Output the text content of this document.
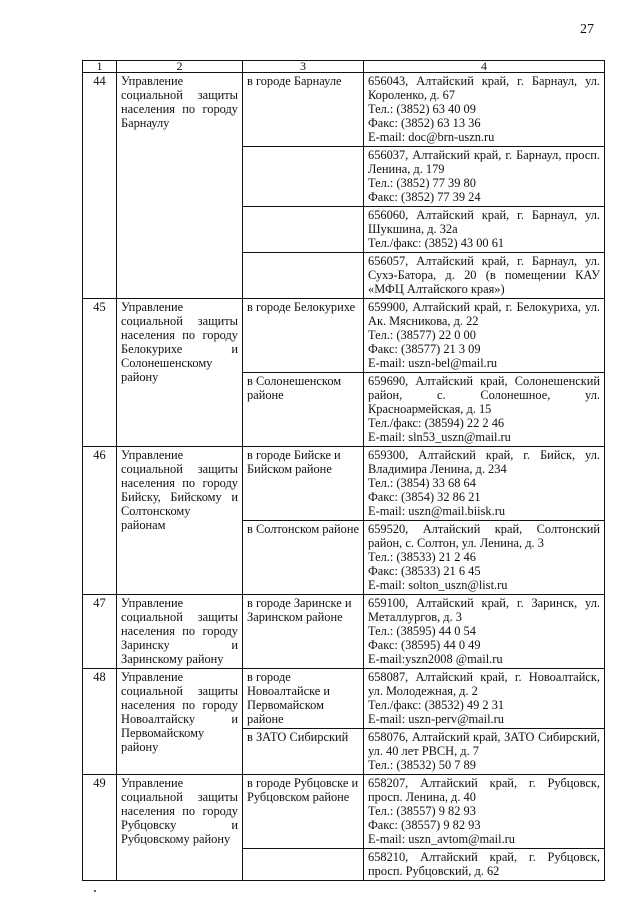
27
1	2	3	4
44	Управление социальной защиты населения по городу Барнаулу	в городе Барнауле	656043, Алтайский край, г. Барнаул, ул. Короленко, д. 67
Тел.: (3852) 63 40 09
Факс: (3852) 63 13 36
E-mail: doc@brn-uszn.ru

			656037, Алтайский край, г. Барнаул, просп. Ленина, д. 179
Тел.: (3852) 77 39 80
Факс: (3852) 77 39 24

			656060, Алтайский край, г. Барнаул, ул. Шукшина, д. 32а
Тел./факс: (3852) 43 00 61

			656057, Алтайский край, г. Барнаул, ул. Сухэ-Батора, д. 20 (в помещении КАУ «МФЦ Алтайского края»)

45	Управление социальной защиты населения по городу Белокурихе и Солонешенскому району	в городе Белокурихе	659900, Алтайский край, г. Белокуриха, ул. Ак. Мясникова, д. 22
Тел.: (38577) 22 0 00
Факс: (38577) 21 3 09
E-mail: uszn-bel@mail.ru

		в Солонешенском районе	659690, Алтайский край, Солонешенский район, с. Солонешное, ул. Красноармейская, д. 15
Тел./факс: (38594) 22 2 46
E-mail: sln53_uszn@mail.ru

46	Управление социальной защиты населения по городу Бийску, Бийскому и Солтонскому районам	в городе Бийске и Бийском районе	659300, Алтайский край, г. Бийск, ул. Владимира Ленина, д. 234
Тел.: (3854) 33 68 64
Факс: (3854) 32 86 21
E-mail: uszn@mail.biisk.ru

		в Солтонском районе	659520, Алтайский край, Солтонский район, с. Солтон, ул. Ленина, д. 3
Тел.: (38533) 21 2 46
Факс: (38533) 21 6 45
E-mail: solton_uszn@list.ru

47	Управление социальной защиты населения по городу Заринску и Заринскому району	в городе Заринске и Заринском районе	659100, Алтайский край, г. Заринск, ул. Металлургов, д. 3
Тел.: (38595) 44 0 54
Факс: (38595) 44 0 49
E-mail:yszn2008 @mail.ru

48	Управление социальной защиты населения по городу Новоалтайску и Первомайскому району	в городе Новоалтайске и Первомайском районе	658087, Алтайский край, г. Новоалтайск, ул. Молодежная, д. 2
Тел./факс: (38532) 49 2 31
E-mail: uszn-perv@mail.ru

		в ЗАТО Сибирский	658076, Алтайский край, ЗАТО Сибирский, ул. 40 лет РВСН, д. 7
Тел.: (38532) 50 7 89

49	Управление социальной защиты населения по городу Рубцовску и Рубцовскому району	в городе Рубцовске и Рубцовском районе	658207, Алтайский край, г. Рубцовск, просп. Ленина, д. 40
Тел.: (38557) 9 82 93
Факс: (38557) 9 82 93
E-mail: uszn_avtom@mail.ru

			658210, Алтайский край, г. Рубцовск, просп. Рубцовский, д. 62
